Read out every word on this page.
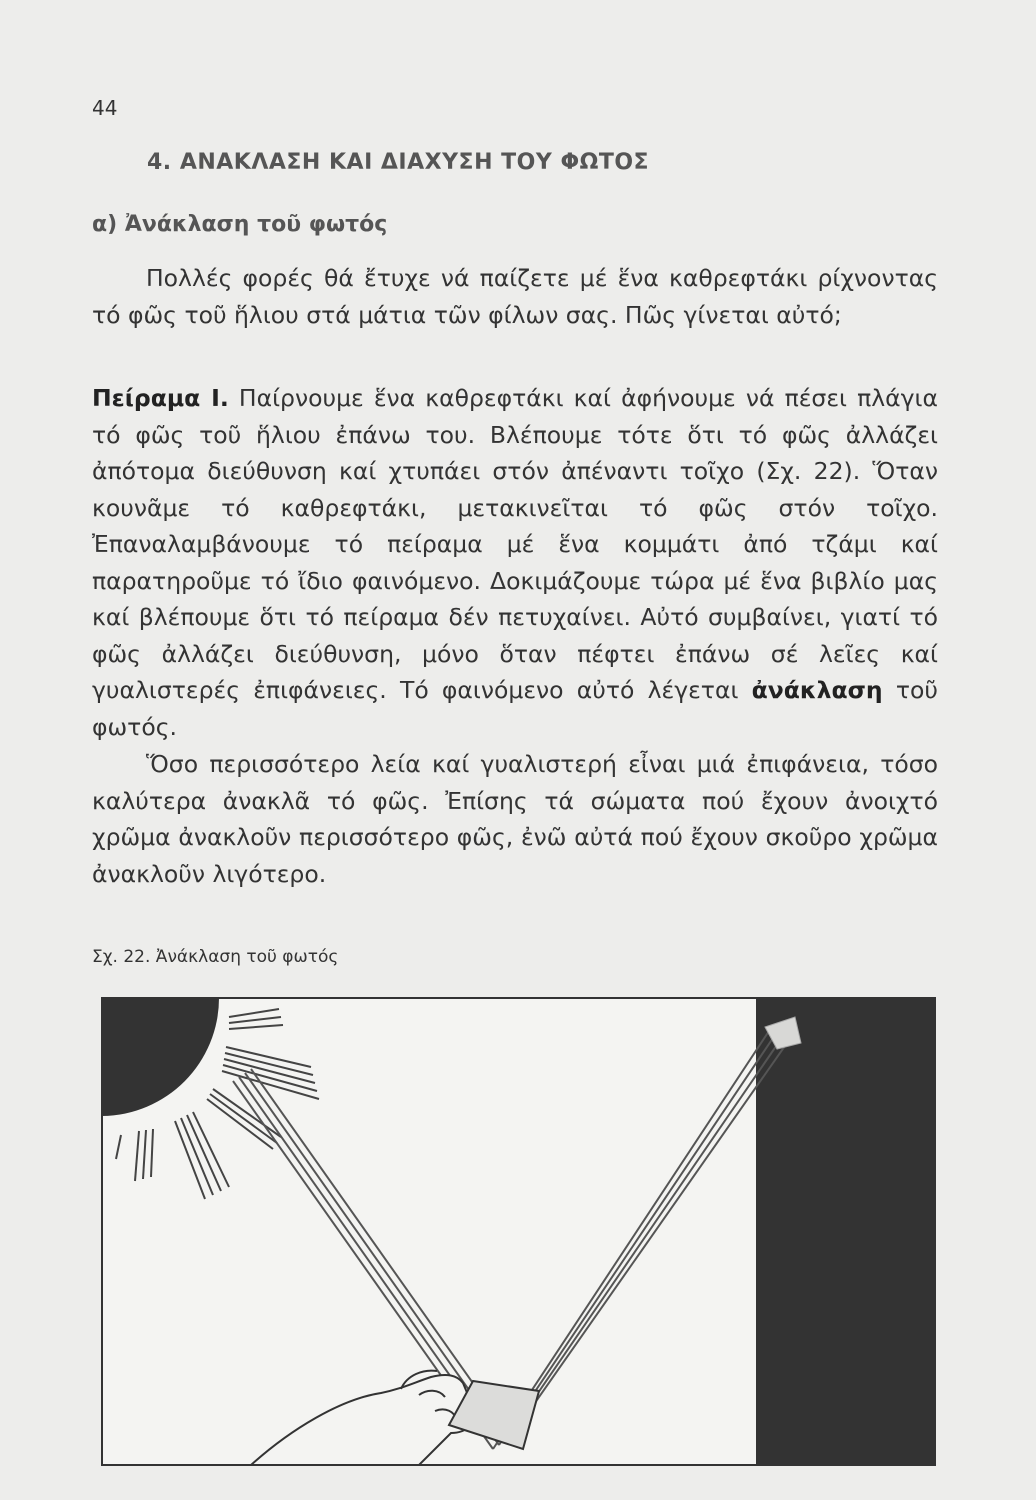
44
4. ΑΝΑΚΛΑΣΗ ΚΑΙ ΔΙΑΧΥΣΗ ΤΟΥ ΦΩΤΟΣ
α) Ἀνάκλαση τοῦ φωτός

Πολλές φορές θά ἔτυχε νά παίζετε μέ ἕνα καθρεφτάκι ρίχνοντας τό φῶς τοῦ ἥλιου στά μάτια τῶν φίλων σας. Πῶς γίνεται αὐτό;

Πείραμα Ι. Παίρνουμε ἕνα καθρεφτάκι καί ἀφήνουμε νά πέσει πλάγια τό φῶς τοῦ ἥλιου ἐπάνω του. Βλέπουμε τότε ὅτι τό φῶς ἀλλάζει ἀπότομα διεύθυνση καί χτυπάει στόν ἀπέναντι τοῖχο (Σχ. 22). Ὅταν κουνᾶμε τό καθρεφτάκι, μετακινεῖται τό φῶς στόν τοῖχο. Ἐπαναλαμβάνουμε τό πείραμα μέ ἕνα κομμάτι ἀπό τζάμι καί παρατηροῦμε τό ἴδιο φαινόμενο. Δοκιμάζουμε τώρα μέ ἕνα βιβλίο μας καί βλέπουμε ὅτι τό πείραμα δέν πετυχαίνει. Αὐτό συμβαίνει, γιατί τό φῶς ἀλλάζει διεύθυνση, μόνο ὅταν πέφτει ἐπάνω σέ λεῖες καί γυαλιστερές ἐπιφάνειες. Τό φαινόμενο αὐτό λέγεται ἀνάκλαση τοῦ φωτός.

Ὅσο περισσότερο λεία καί γυαλιστερή εἶναι μιά ἐπιφάνεια, τόσο καλύτερα ἀνακλᾶ τό φῶς. Ἐπίσης τά σώματα πού ἔχουν ἀνοιχτό χρῶμα ἀνακλοῦν περισσότερο φῶς, ἐνῶ αὐτά πού ἔχουν σκοῦρο χρῶμα ἀνακλοῦν λιγότερο.

Σχ. 22. Ἀνάκλαση τοῦ φωτός
